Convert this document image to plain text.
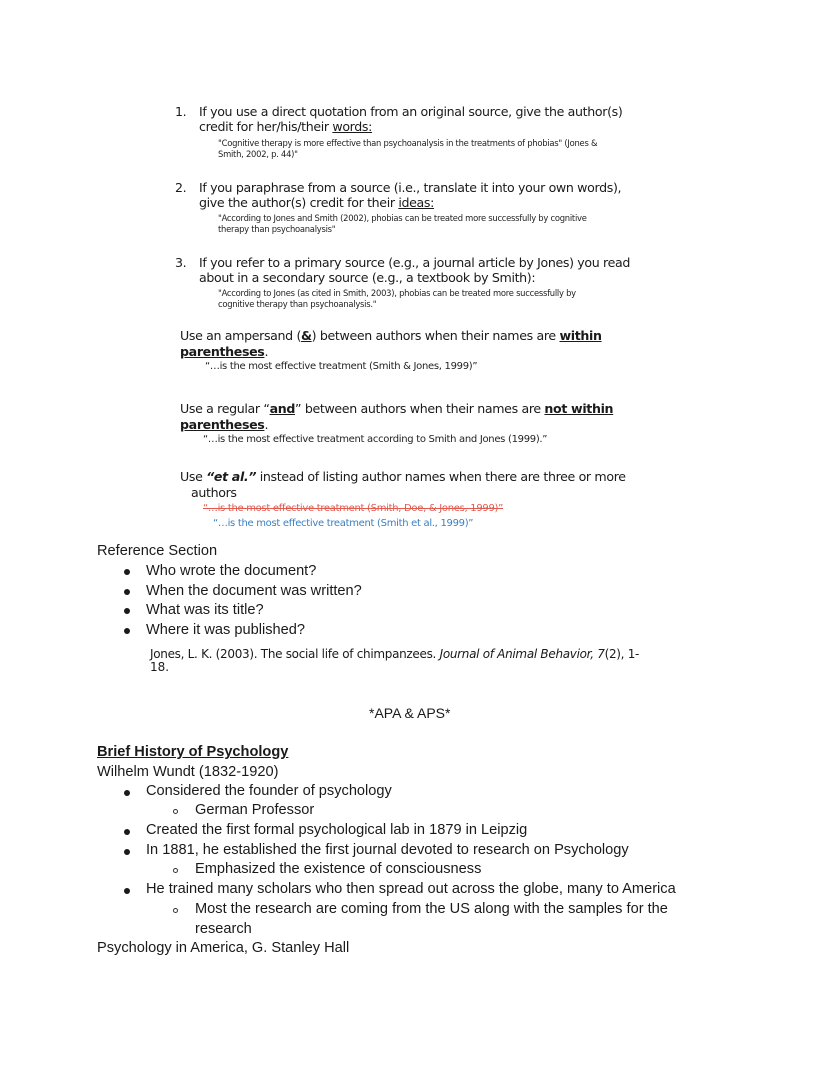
1. If you use a direct quotation from an original source, give the author(s)
credit for her/his/their words:
"Cognitive therapy is more effective than psychoanalysis in the treatments of phobias" (Jones &
Smith, 2002, p. 44)"
2. If you paraphrase from a source (i.e., translate it into your own words),
give the author(s) credit for their ideas:
"According to Jones and Smith (2002), phobias can be treated more successfully by cognitive
therapy than psychoanalysis"
3. If you refer to a primary source (e.g., a journal article by Jones) you read
about in a secondary source (e.g., a textbook by Smith):
"According to Jones (as cited in Smith, 2003), phobias can be treated more successfully by
cognitive therapy than psychoanalysis."
Use an ampersand (&) between authors when their names are within
parentheses.
“…is the most effective treatment (Smith & Jones, 1999)”
Use a regular “and” between authors when their names are not within
parentheses.
“…is the most effective treatment according to Smith and Jones (1999).”
Use “et al.” instead of listing author names when there are three or more
authors
“…is the most effective treatment (Smith, Doe, & Jones, 1999)”
“…is the most effective treatment (Smith et al., 1999)”
Reference Section
Who wrote the document?
When the document was written?
What was its title?
Where it was published?
Jones, L. K. (2003). The social life of chimpanzees. Journal of Animal Behavior, 7(2), 1-
18.
*APA & APS*
Brief History of Psychology
Wilhelm Wundt (1832-1920)
Considered the founder of psychology
German Professor
Created the first formal psychological lab in 1879 in Leipzig
In 1881, he established the first journal devoted to research on Psychology
Emphasized the existence of consciousness
He trained many scholars who then spread out across the globe, many to America
Most the research are coming from the US along with the samples for the
research
Psychology in America, G. Stanley Hall
